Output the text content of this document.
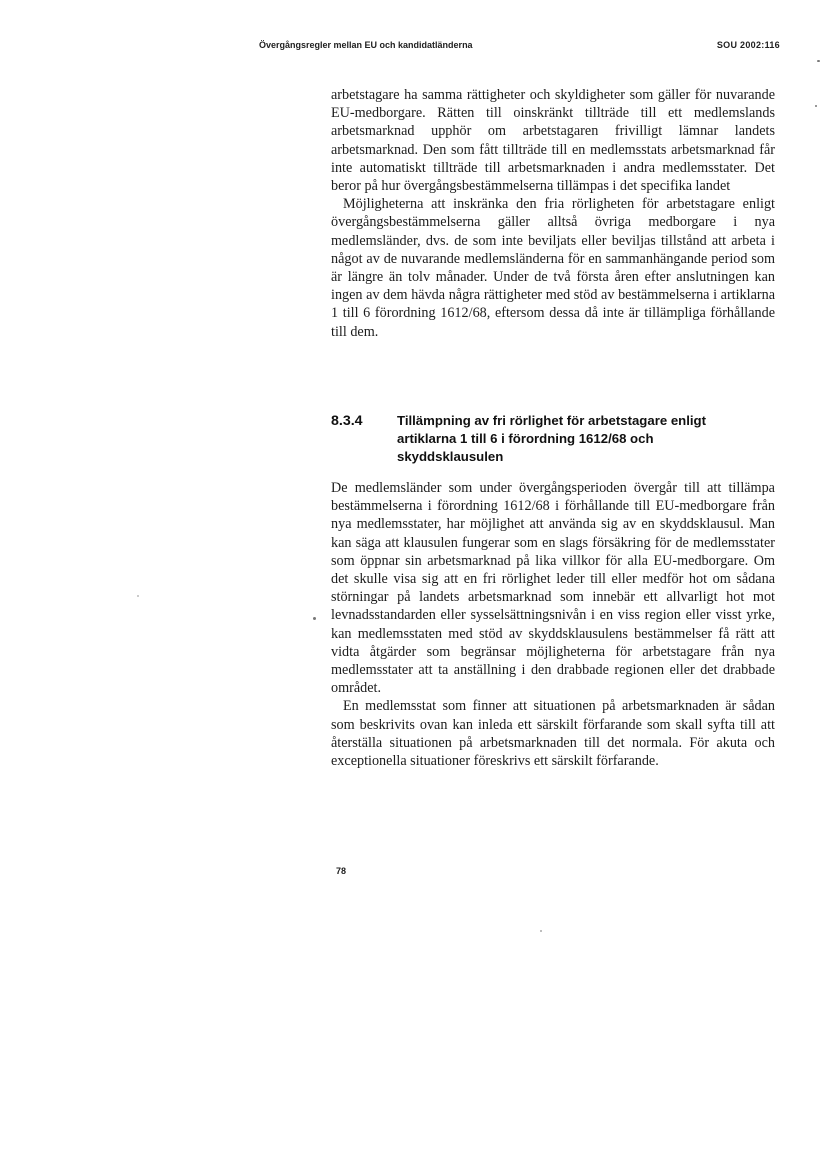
Övergångsregler mellan EU och kandidatländerna	SOU 2002:116

arbetstagare ha samma rättigheter och skyldigheter som gäller för nuvarande EU-medborgare. Rätten till oinskränkt tillträde till ett medlemslands arbetsmarknad upphör om arbetstagaren frivilligt lämnar landets arbetsmarknad. Den som fått tillträde till en medlemsstats arbetsmarknad får inte automatiskt tillträde till arbetsmarknaden i andra medlemsstater. Det beror på hur övergångsbestämmelserna tillämpas i det specifika landet

Möjligheterna att inskränka den fria rörligheten för arbetstagare enligt övergångsbestämmelserna gäller alltså övriga medborgare i nya medlemsländer, dvs. de som inte beviljats eller beviljas tillstånd att arbeta i något av de nuvarande medlemsländerna för en sammanhängande period som är längre än tolv månader. Under de två första åren efter anslutningen kan ingen av dem hävda några rättigheter med stöd av bestämmelserna i artiklarna 1 till 6 förordning 1612/68, eftersom dessa då inte är tillämpliga förhållande till dem.

8.3.4	Tillämpning av fri rörlighet för arbetstagare enligt artiklarna 1 till 6 i förordning 1612/68 och skyddsklausulen

De medlemsländer som under övergångsperioden övergår till att tillämpa bestämmelserna i förordning 1612/68 i förhållande till EU-medborgare från nya medlemsstater, har möjlighet att använda sig av en skyddsklausul. Man kan säga att klausulen fungerar som en slags försäkring för de medlemsstater som öppnar sin arbetsmarknad på lika villkor för alla EU-medborgare. Om det skulle visa sig att en fri rörlighet leder till eller medför hot om sådana störningar på landets arbetsmarknad som innebär ett allvarligt hot mot levnadsstandarden eller sysselsättningsnivån i en viss region eller visst yrke, kan medlemsstaten med stöd av skyddsklausulens bestämmelser få rätt att vidta åtgärder som begränsar möjligheterna för arbetstagare från nya medlemsstater att ta anställning i den drabbade regionen eller det drabbade området.

En medlemsstat som finner att situationen på arbetsmarknaden är sådan som beskrivits ovan kan inleda ett särskilt förfarande som skall syfta till att återställa situationen på arbetsmarknaden till det normala. För akuta och exceptionella situationer föreskrivs ett särskilt förfarande.

78
